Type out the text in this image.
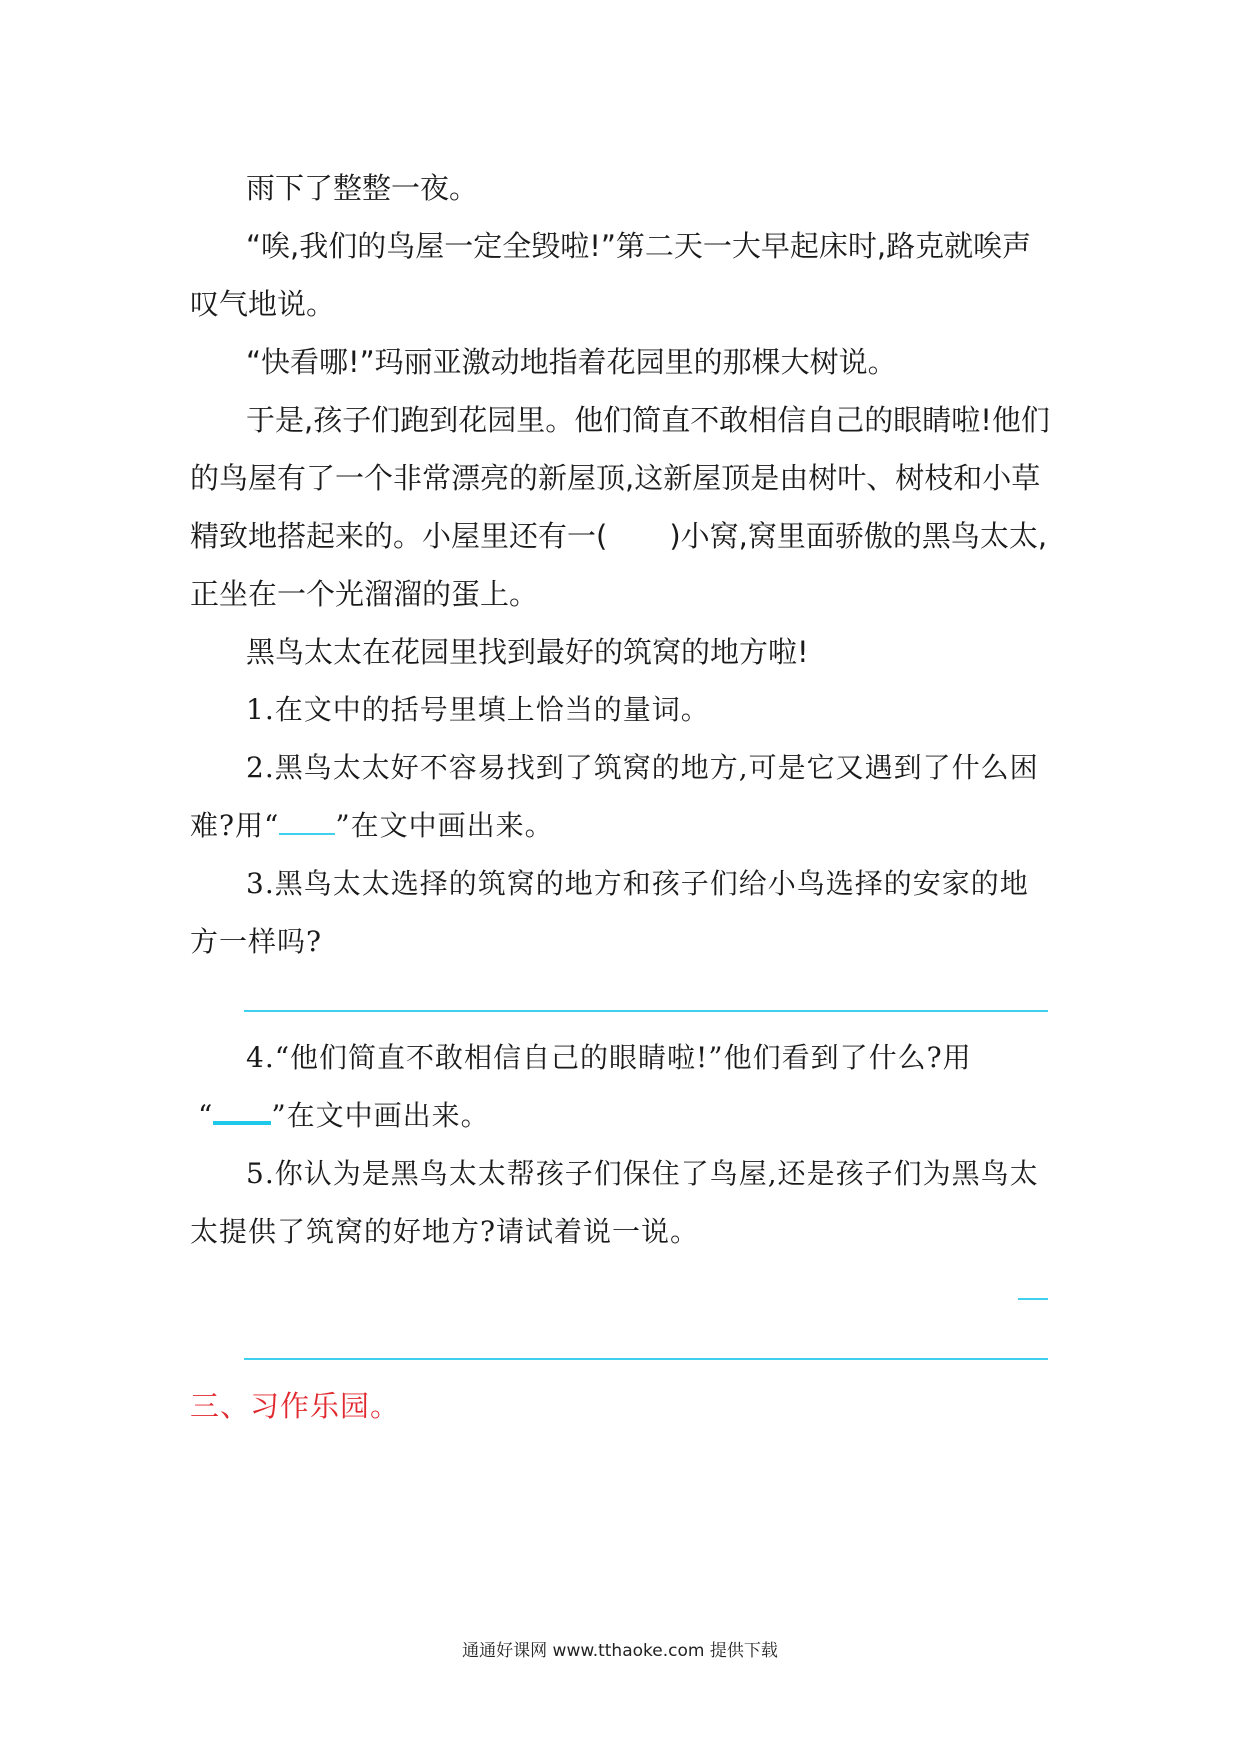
雨下了整整一夜。
“唉,我们的鸟屋一定全毁啦!”第二天一大早起床时,路克就唉声
叹气地说。
“快看哪!”玛丽亚激动地指着花园里的那棵大树说。
于是,孩子们跑到花园里。他们简直不敢相信自己的眼睛啦!他们
的鸟屋有了一个非常漂亮的新屋顶,这新屋顶是由树叶、树枝和小草
精致地搭起来的。小屋里还有一( )小窝,窝里面骄傲的黑鸟太太,
正坐在一个光溜溜的蛋上。
黑鸟太太在花园里找到最好的筑窝的地方啦!
1.在文中的括号里填上恰当的量词。
2.黑鸟太太好不容易找到了筑窝的地方,可是它又遇到了什么困
难?用“ ”在文中画出来。
3.黑鸟太太选择的筑窝的地方和孩子们给小鸟选择的安家的地
方一样吗?
4.“他们简直不敢相信自己的眼睛啦!”他们看到了什么?用
“ ”在文中画出来。
5.你认为是黑鸟太太帮孩子们保住了鸟屋,还是孩子们为黑鸟太
太提供了筑窝的好地方?请试着说一说。
三、习作乐园。
通通好课网 www.tthaoke.com 提供下载
